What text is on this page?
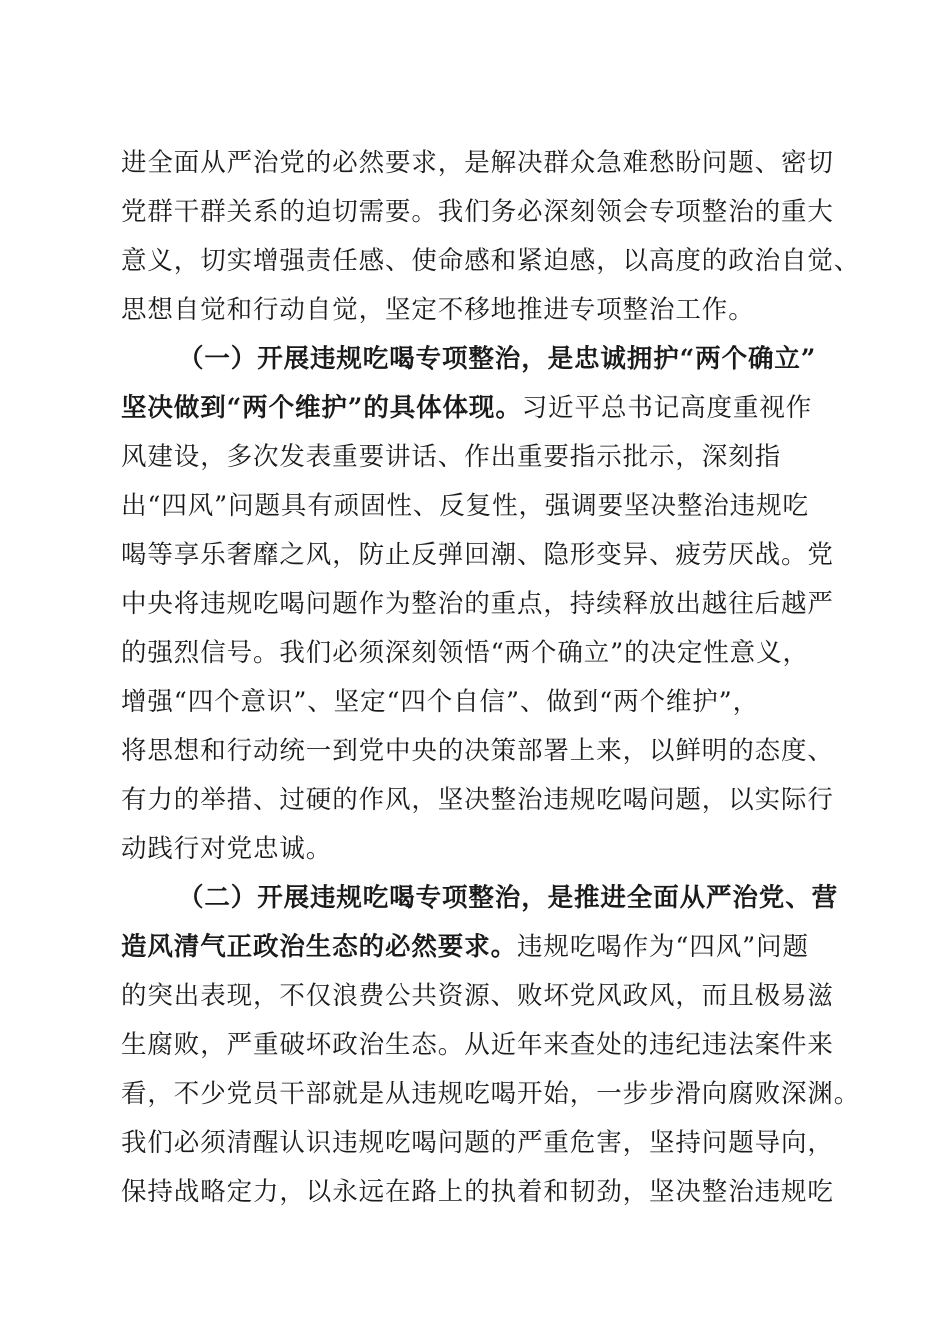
进全面从严治党的必然要求，是解决群众急难愁盼问题、密切
党群干群关系的迫切需要。我们务必深刻领会专项整治的重大
意义，切实增强责任感、使命感和紧迫感，以高度的政治自觉、
思想自觉和行动自觉，坚定不移地推进专项整治工作。
（一）开展违规吃喝专项整治，是忠诚拥护“两个确立”
坚决做到“两个维护”的具体体现。习近平总书记高度重视作
风建设，多次发表重要讲话、作出重要指示批示，深刻指
出“四风”问题具有顽固性、反复性，强调要坚决整治违规吃
喝等享乐奢靡之风，防止反弹回潮、隐形变异、疲劳厌战。党
中央将违规吃喝问题作为整治的重点，持续释放出越往后越严
的强烈信号。我们必须深刻领悟“两个确立”的决定性意义，
增强“四个意识”、坚定“四个自信”、做到“两个维护”，
将思想和行动统一到党中央的决策部署上来，以鲜明的态度、
有力的举措、过硬的作风，坚决整治违规吃喝问题，以实际行
动践行对党忠诚。
（二）开展违规吃喝专项整治，是推进全面从严治党、营
造风清气正政治生态的必然要求。违规吃喝作为“四风”问题
的突出表现，不仅浪费公共资源、败坏党风政风，而且极易滋
生腐败，严重破坏政治生态。从近年来查处的违纪违法案件来
看，不少党员干部就是从违规吃喝开始，一步步滑向腐败深渊。
我们必须清醒认识违规吃喝问题的严重危害，坚持问题导向，
保持战略定力，以永远在路上的执着和韧劲，坚决整治违规吃
